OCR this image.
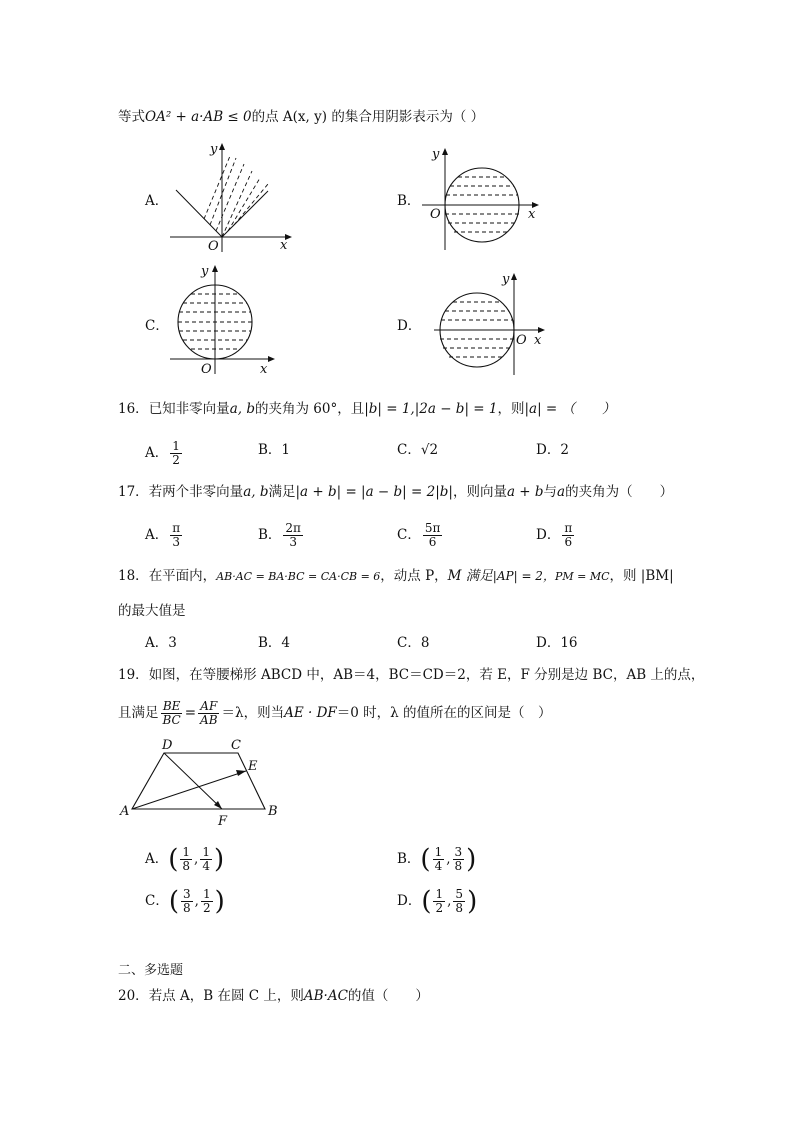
等式OA² + a·AB ≤ 0的点 A(x, y) 的集合用阴影表示为（ ）
A．
y
x
O
B．
y
x
O
C．
y
x
O
D．
y
x
O
16．已知非零向量a, b的夹角为 60°，且|b| = 1,|2a − b| = 1，则|a| = （　　）
A． $\frac{1}{2}$	B．1	C．√2	D．2
17．若两个非零向量a, b满足|a + b| = |a − b| = 2|b|，则向量a + b与a的夹角为（　　）
A． $\frac{\pi}{3}$	B． $\frac{2\pi}{3}$	C． $\frac{5\pi}{6}$	D． $\frac{\pi}{6}$
18．在平面内，AB·AC = BA·BC = CA·CB = 6，动点 P，M 满足|AP| = 2，PM = MC，则 |BM|
的最大值是
A．3	B．4	C．8	D．16
19．如图，在等腰梯形 ABCD 中，AB＝4，BC＝CD＝2，若 E，F 分别是边 BC，AB 上的点，
且满足 $\frac{BE}{BC} = \frac{AF}{AB} =\lambda$，则当AE · DF＝0 时，λ 的值所在的区间是（　）
D	C
E
A	B
F
A．( $\frac{1}{8}$ , $\frac{1}{4}$ )	B．( $\frac{1}{4}$ , $\frac{3}{8}$ )
C．( $\frac{3}{8}$ , $\frac{1}{2}$ )	D．( $\frac{1}{2}$ , $\frac{5}{8}$ )
二、多选题
20．若点 A，B 在圆 C 上，则AB·AC的值（　　）
